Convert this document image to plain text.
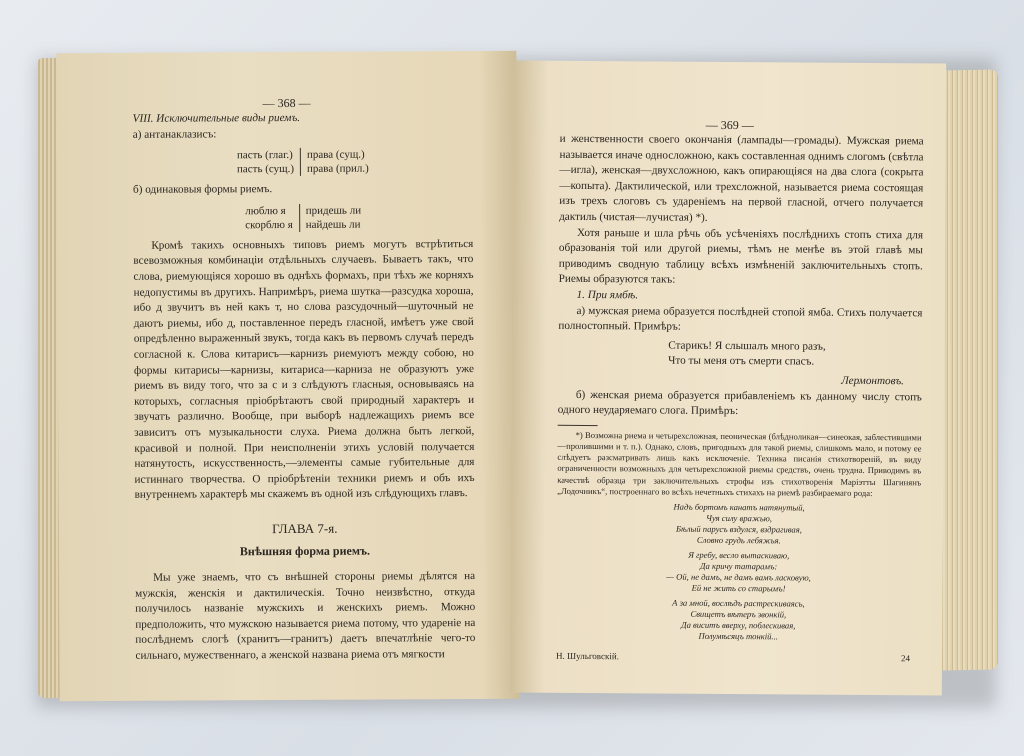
— 368 —

VIII. Исключительные виды риемъ.

а) антанаклазисъ:

пасть (глаг.)
пасть (сущ.)
права (сущ.)
права (прил.)

б) одинаковыя формы риемъ.

люблю я
скорблю я
придешь ли
найдешь ли

Кромѣ такихъ основныхъ типовъ риемъ могутъ встрѣтиться всевозможныя комбинаціи отдѣльныхъ случаевъ. Бываетъ такъ, что слова, риемующіяся хорошо въ однѣхъ формахъ, при тѣхъ же корняхъ недопустимы въ другихъ. Напримѣръ, риема шутка—разсудка хороша, ибо д звучитъ въ ней какъ т, но слова разсудочный—шуточный не даютъ риемы, ибо д, поставленное передъ гласной, имѣетъ уже свой опредѣленно выраженный звукъ, тогда какъ въ первомъ случаѣ передъ согласной к. Слова китарисъ—карнизъ риемуютъ между собою, но формы китарисы—карнизы, китариса—карниза не образуютъ уже риемъ въ виду того, что за с и з слѣдуютъ гласныя, основываясь на которыхъ, согласныя пріобрѣтаютъ свой природный характеръ и звучатъ различно. Вообще, при выборѣ надлежащихъ риемъ все зависитъ отъ музыкальности слуха. Риема должна быть легкой, красивой и полной. При неисполненіи этихъ условій получается натянутость, искусственность,—элементы самые губительные для истиннаго творчества. О пріобрѣтеніи техники риемъ и объ ихъ внутреннемъ характерѣ мы скажемъ въ одной изъ слѣдующихъ главъ.

ГЛАВА 7-я.
Внѣшняя форма риемъ.

Мы уже знаемъ, что съ внѣшней стороны риемы дѣлятся на мужскія, женскія и дактилическія. Точно неизвѣстно, откуда получилось названіе мужскихъ и женскихъ риемъ. Можно предположить, что мужскою называется риема потому, что удареніе на послѣднемъ слогѣ (хранитъ—гранитъ) даетъ впечатлѣніе чего-то сильнаго, мужественнаго, а женской названа риема отъ мягкости

— 369 —

и женственности своего окончанія (лампады—громады). Мужская риема называется иначе односложною, какъ составленная однимъ слогомъ (свѣтла—игла), женская—двухсложною, какъ опирающіяся на два слога (сокрыта—копыта). Дактилической, или трехсложной, называется риема состоящая изъ трехъ слоговъ съ удареніемъ на первой гласной, отчего получается дактиль (чистая—лучистая) *).

Хотя раньше и шла рѣчь объ усѣченіяхъ послѣднихъ стопъ стиха для образованія той или другой риемы, тѣмъ не менѣе въ этой главѣ мы приводимъ сводную таблицу всѣхъ измѣненій заключительныхъ стопъ. Риемы образуются такъ:

1. При ямбѣ.

а) мужская риема образуется послѣдней стопой ямба. Стихъ получается полностопный. Примѣръ:

Старикъ! Я слышалъ много разъ,
Что ты меня отъ смерти спасъ.
Лермонтовъ.

б) женская риема образуется прибавленіемъ къ данному числу стопъ одного неударяемаго слога. Примѣръ:

*) Возможна риема и четырехсложная, пеоническая (блѣдноликая—синеокая, заблестившими—пролившими и т. п.). Однако, словъ, пригодныхъ для такой риемы, слишкомъ мало, и потому ее слѣдуетъ разсматривать лишь какъ исключеніе. Техника писанія стихотвореній, въ виду ограниченности возможныхъ для четырехсложной риемы средствъ, очень трудна. Приводимъ въ качествѣ образца три заключительныхъ строфы изъ стихотворенія Маріэтты Шагинянъ „Лодочникъ“, построеннаго во всѣхъ нечетныхъ стихахъ на риемѣ разбираемаго рода:

Надъ бортомъ канатъ натянутый,
Чуя силу вражью,
Бѣлый парусъ вздулся, вздрагивая,
Словно грудь лебяжья.
Я гребу, весло вытаскиваю,
Да кричу татарамъ:
— Ой, не дамъ, не дамъ вамъ ласковую,
Ей не жить со старымъ!
А за мной, вослѣдъ растрескиваясь,
Свищетъ вѣтеръ звонкій,
Да виситъ вверху, поблескивая,
Полумѣсяцъ тонкій...
Н. Шульговскій.	24
